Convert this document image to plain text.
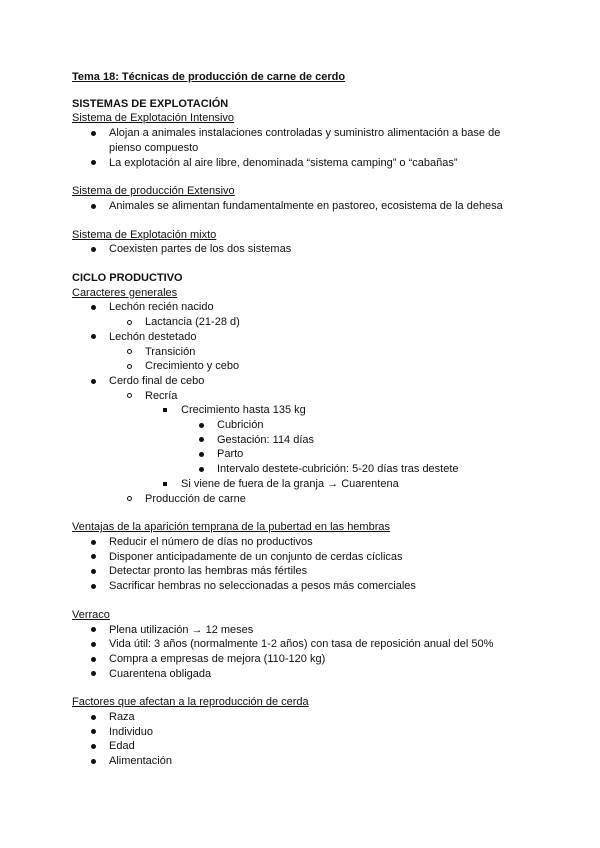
Tema 18: Técnicas de producción de carne de cerdo
SISTEMAS DE EXPLOTACIÓN
Sistema de Explotación Intensivo
Alojan a animales instalaciones controladas y suministro alimentación a base de pienso compuesto
La explotación al aire libre, denominada “sistema camping” o “cabañas”
Sistema de producción Extensivo
Animales se alimentan fundamentalmente en pastoreo, ecosistema de la dehesa
Sistema de Explotación mixto
Coexisten partes de los dos sistemas
CICLO PRODUCTIVO
Caracteres generales
Lechón recién nacido
Lactancia (21-28 d)
Lechón destetado
Transición
Crecimiento y cebo
Cerdo final de cebo
Recría
Crecimiento hasta 135 kg
Cubrición
Gestación: 114 días
Parto
Intervalo destete-cubrición: 5-20 días tras destete
Si viene de fuera de la granja → Cuarentena
Producción de carne
Ventajas de la aparición temprana de la pubertad en las hembras
Reducir el número de días no productivos
Disponer anticipadamente de un conjunto de cerdas cíclicas
Detectar pronto las hembras más fértiles
Sacrificar hembras no seleccionadas a pesos más comerciales
Verraco
Plena utilización → 12 meses
Vida útil: 3 años (normalmente 1-2 años) con tasa de reposición anual del 50%
Compra a empresas de mejora (110-120 kg)
Cuarentena obligada
Factores que afectan a la reproducción de cerda
Raza
Individuo
Edad
Alimentación
